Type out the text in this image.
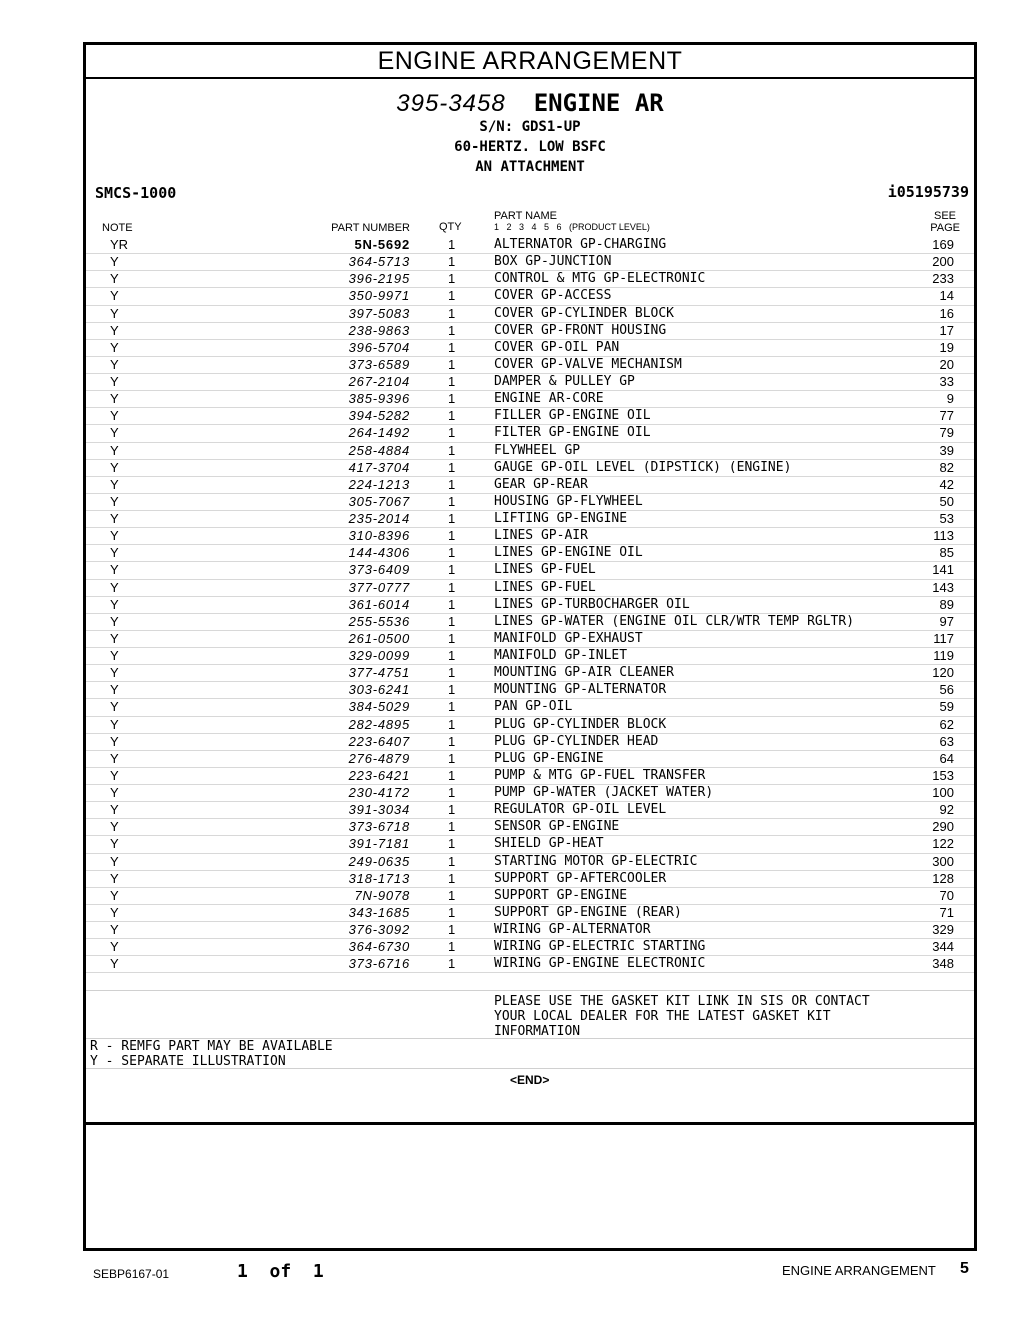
ENGINE ARRANGEMENT
395-3458 ENGINE AR
S/N: GDS1-UP
60-HERTZ. LOW BSFC
AN ATTACHMENT
SMCS-1000	i05195739
NOTE	PART NUMBER	QTY
PART NAME
1   2   3   4   5   6   (PRODUCT LEVEL)
SEE
PAGE
YR	5N-5692	1	ALTERNATOR GP-CHARGING	169
Y	364-5713	1	BOX GP-JUNCTION	200
Y	396-2195	1	CONTROL & MTG GP-ELECTRONIC	233
Y	350-9971	1	COVER GP-ACCESS	14
Y	397-5083	1	COVER GP-CYLINDER BLOCK	16
Y	238-9863	1	COVER GP-FRONT HOUSING	17
Y	396-5704	1	COVER GP-OIL PAN	19
Y	373-6589	1	COVER GP-VALVE MECHANISM	20
Y	267-2104	1	DAMPER & PULLEY GP	33
Y	385-9396	1	ENGINE AR-CORE	9
Y	394-5282	1	FILLER GP-ENGINE OIL	77
Y	264-1492	1	FILTER GP-ENGINE OIL	79
Y	258-4884	1	FLYWHEEL GP	39
Y	417-3704	1	GAUGE GP-OIL LEVEL (DIPSTICK) (ENGINE)	82
Y	224-1213	1	GEAR GP-REAR	42
Y	305-7067	1	HOUSING GP-FLYWHEEL	50
Y	235-2014	1	LIFTING GP-ENGINE	53
Y	310-8396	1	LINES GP-AIR	113
Y	144-4306	1	LINES GP-ENGINE OIL	85
Y	373-6409	1	LINES GP-FUEL	141
Y	377-0777	1	LINES GP-FUEL	143
Y	361-6014	1	LINES GP-TURBOCHARGER OIL	89
Y	255-5536	1	LINES GP-WATER (ENGINE OIL CLR/WTR TEMP RGLTR)	97
Y	261-0500	1	MANIFOLD GP-EXHAUST	117
Y	329-0099	1	MANIFOLD GP-INLET	119
Y	377-4751	1	MOUNTING GP-AIR CLEANER	120
Y	303-6241	1	MOUNTING GP-ALTERNATOR	56
Y	384-5029	1	PAN GP-OIL	59
Y	282-4895	1	PLUG GP-CYLINDER BLOCK	62
Y	223-6407	1	PLUG GP-CYLINDER HEAD	63
Y	276-4879	1	PLUG GP-ENGINE	64
Y	223-6421	1	PUMP & MTG GP-FUEL TRANSFER	153
Y	230-4172	1	PUMP GP-WATER (JACKET WATER)	100
Y	391-3034	1	REGULATOR GP-OIL LEVEL	92
Y	373-6718	1	SENSOR GP-ENGINE	290
Y	391-7181	1	SHIELD GP-HEAT	122
Y	249-0635	1	STARTING MOTOR GP-ELECTRIC	300
Y	318-1713	1	SUPPORT GP-AFTERCOOLER	128
Y	7N-9078	1	SUPPORT GP-ENGINE	70
Y	343-1685	1	SUPPORT GP-ENGINE (REAR)	71
Y	376-3092	1	WIRING GP-ALTERNATOR	329
Y	364-6730	1	WIRING GP-ELECTRIC STARTING	344
Y	373-6716	1	WIRING GP-ENGINE ELECTRONIC	348
PLEASE USE THE GASKET KIT LINK IN SIS OR CONTACT
YOUR LOCAL DEALER FOR THE LATEST GASKET KIT
INFORMATION
R - REMFG PART MAY BE AVAILABLE
Y - SEPARATE ILLUSTRATION
<END>
SEBP6167-01	1  of  1	ENGINE ARRANGEMENT 5
